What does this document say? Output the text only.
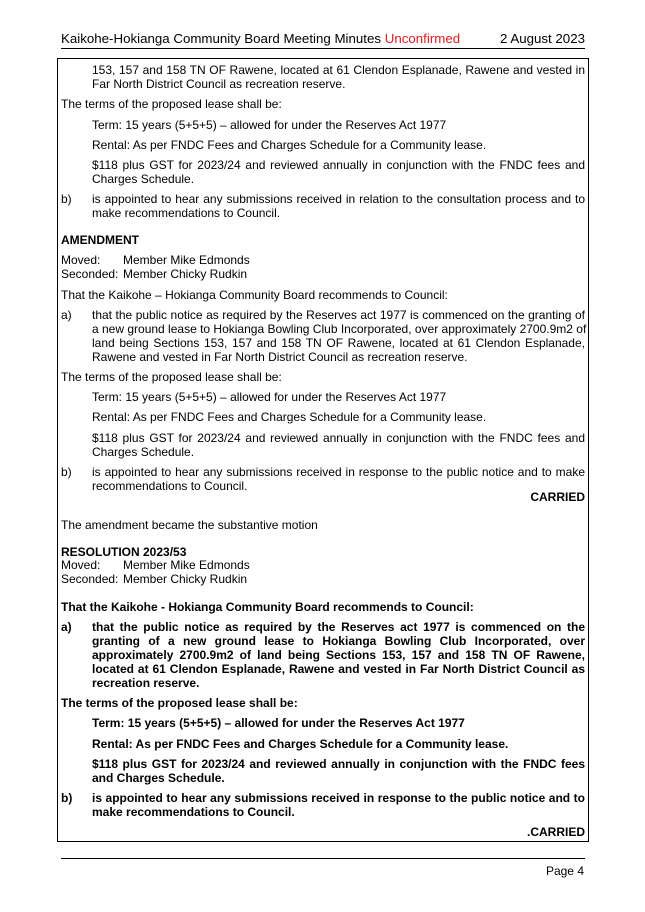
Kaikohe-Hokianga Community Board Meeting Minutes Unconfirmed	2 August 2023
153, 157 and 158 TN OF Rawene, located at 61 Clendon Esplanade, Rawene and vested in
Far North District Council as recreation reserve.
The terms of the proposed lease shall be:
Term: 15 years (5+5+5) – allowed for under the Reserves Act 1977
Rental: As per FNDC Fees and Charges Schedule for a Community lease.
$118 plus GST for 2023/24 and reviewed annually in conjunction with the FNDC fees and
Charges Schedule.
b) is appointed to hear any submissions received in relation to the consultation process and to
make recommendations to Council.
AMENDMENT
Moved: Member Mike Edmonds
Seconded: Member Chicky Rudkin
That the Kaikohe – Hokianga Community Board recommends to Council:
a) that the public notice as required by the Reserves act 1977 is commenced on the granting of
a new ground lease to Hokianga Bowling Club Incorporated, over approximately 2700.9m2 of
land being Sections 153, 157 and 158 TN OF Rawene, located at 61 Clendon Esplanade,
Rawene and vested in Far North District Council as recreation reserve.
The terms of the proposed lease shall be:
Term: 15 years (5+5+5) – allowed for under the Reserves Act 1977
Rental: As per FNDC Fees and Charges Schedule for a Community lease.
$118 plus GST for 2023/24 and reviewed annually in conjunction with the FNDC fees and
Charges Schedule.
b) is appointed to hear any submissions received in response to the public notice and to make
recommendations to Council.
CARRIED
The amendment became the substantive motion
RESOLUTION 2023/53
Moved: Member Mike Edmonds
Seconded: Member Chicky Rudkin
That the Kaikohe - Hokianga Community Board recommends to Council:
a) that the public notice as required by the Reserves act 1977 is commenced on the
granting of a new ground lease to Hokianga Bowling Club Incorporated, over
approximately 2700.9m2 of land being Sections 153, 157 and 158 TN OF Rawene,
located at 61 Clendon Esplanade, Rawene and vested in Far North District Council as
recreation reserve.
The terms of the proposed lease shall be:
Term: 15 years (5+5+5) – allowed for under the Reserves Act 1977
Rental: As per FNDC Fees and Charges Schedule for a Community lease.
$118 plus GST for 2023/24 and reviewed annually in conjunction with the FNDC fees
and Charges Schedule.
b) is appointed to hear any submissions received in response to the public notice and to
make recommendations to Council.
.CARRIED
Page 4
